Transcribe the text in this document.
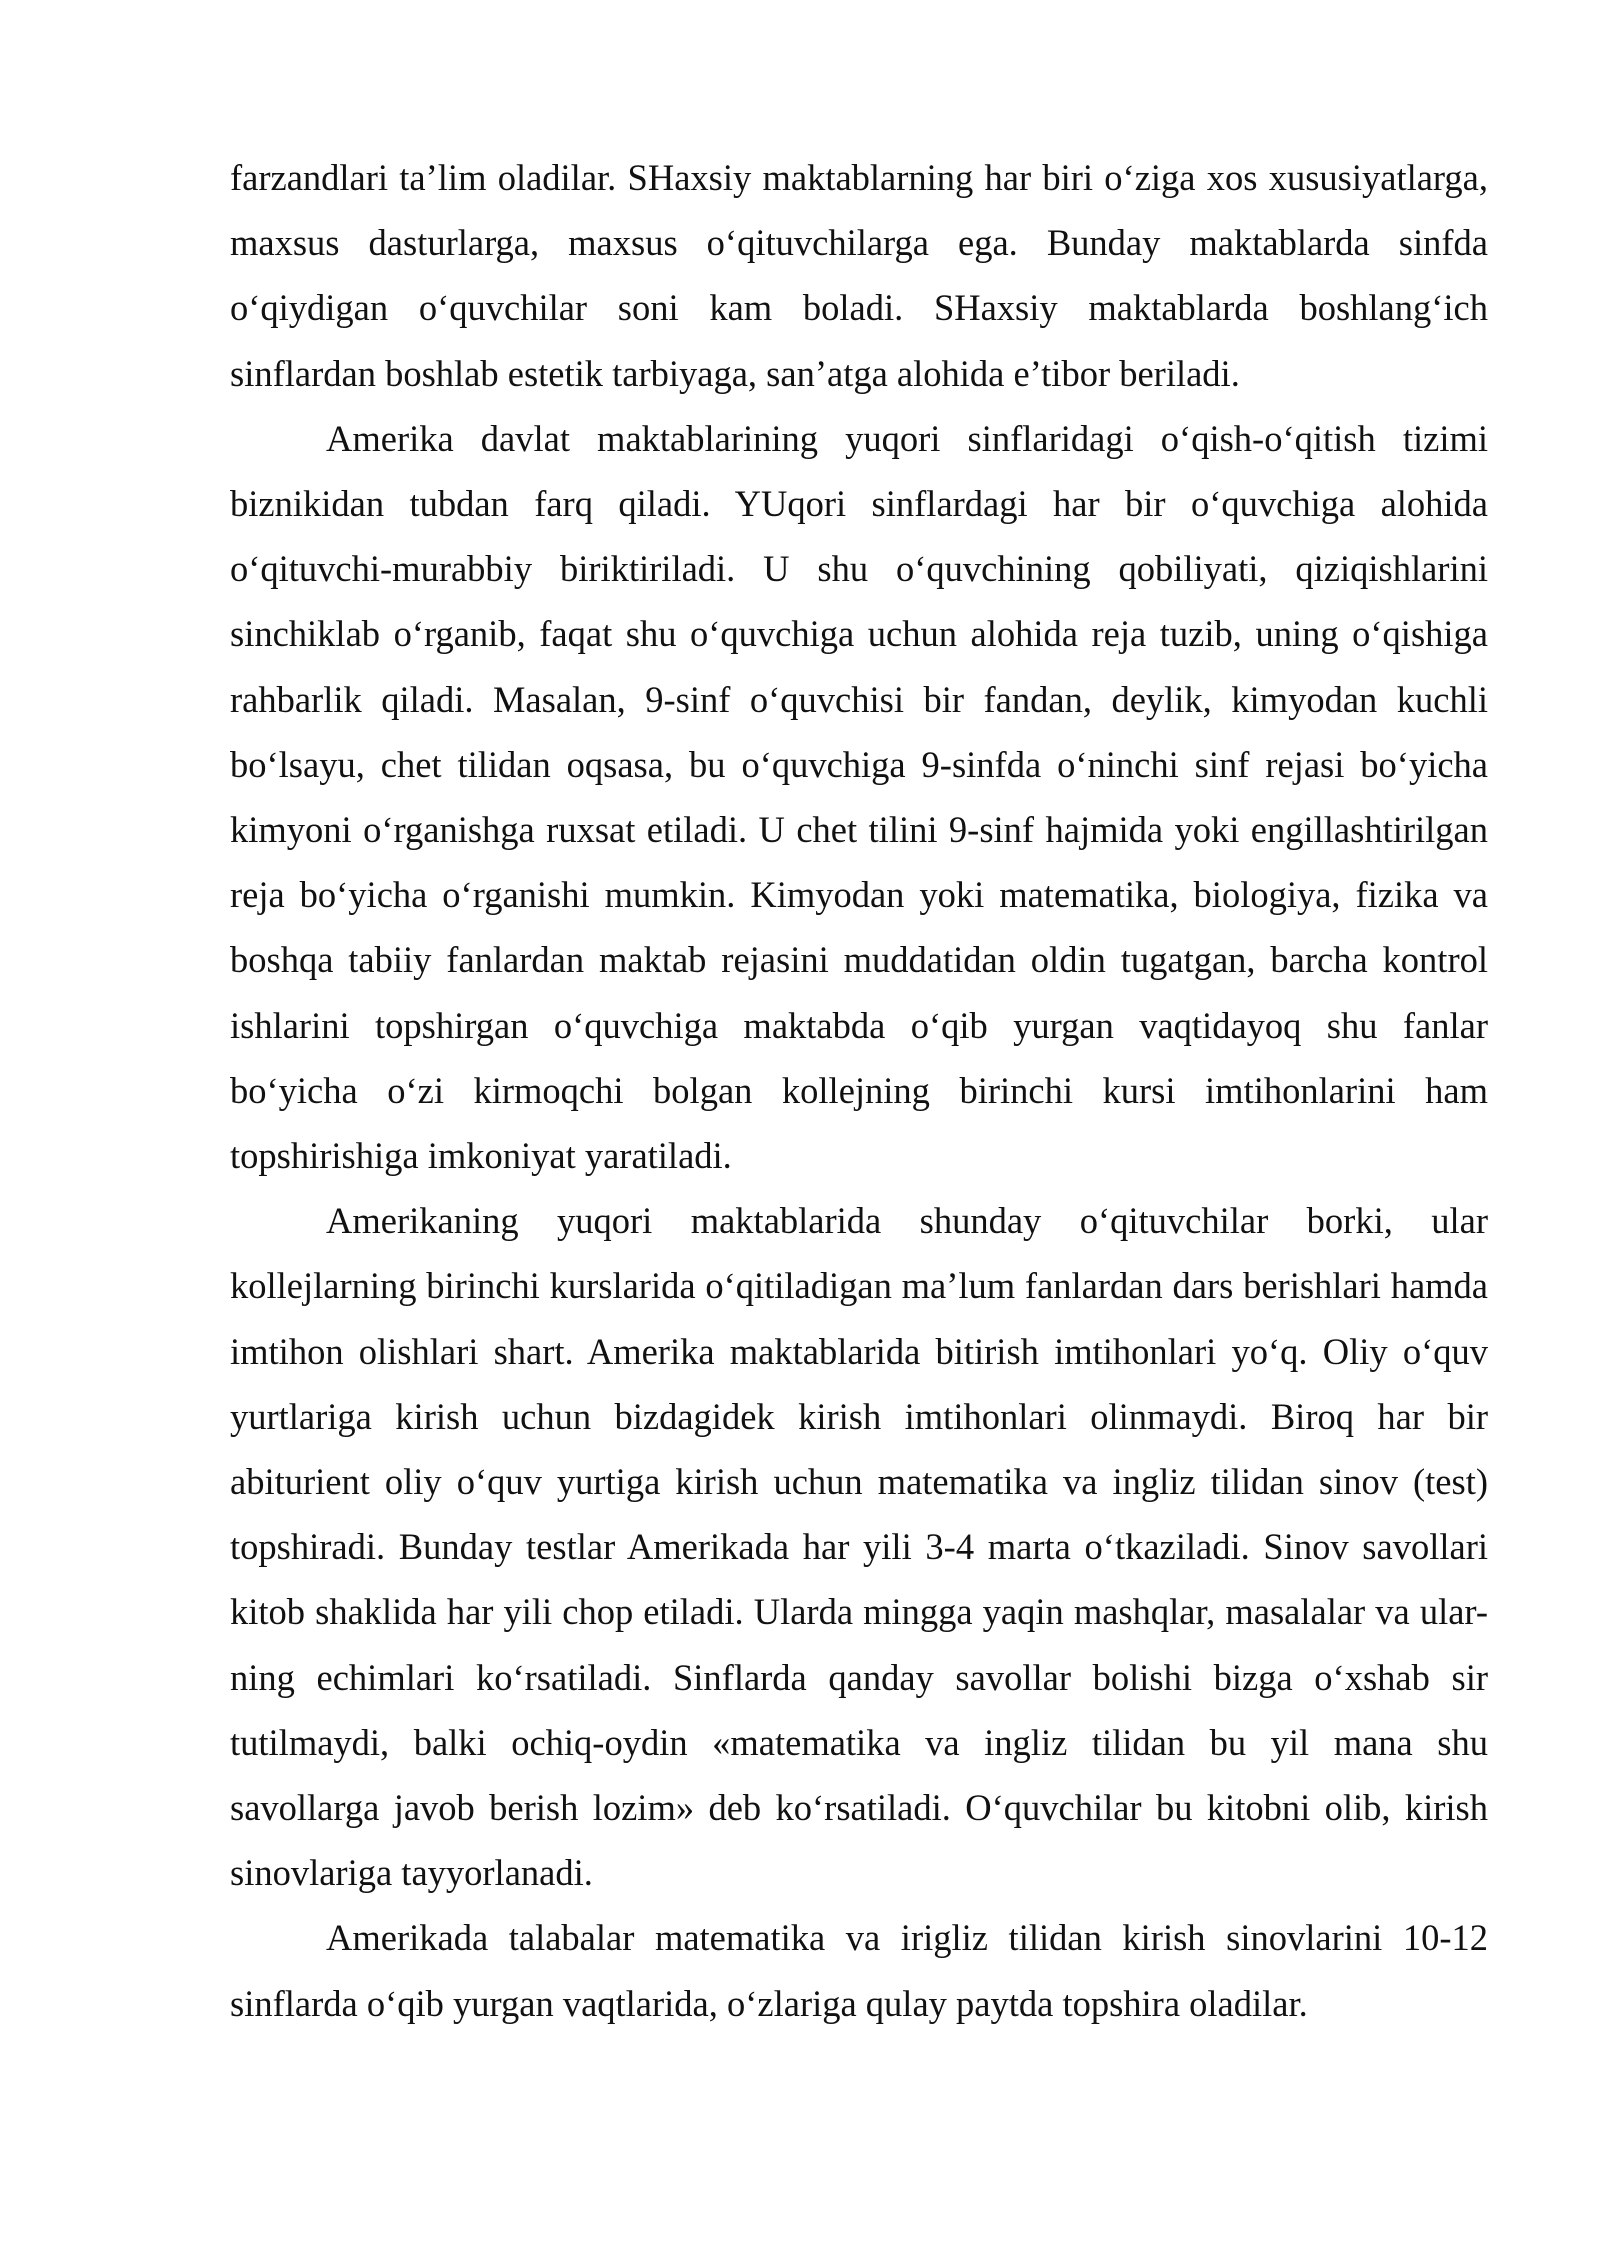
farzandlari ta’lim oladilar. SHaxsiy maktablarning har biri o‘ziga xos xususiyatlarga, maxsus dasturlarga, maxsus o‘qituvchilarga ega. Bunday maktablarda sinfda o‘qiydigan o‘quvchilar soni kam boladi. SHaxsiy maktablarda boshlang‘ich sinflardan boshlab estetik tarbiyaga, san’atga alohida e’tibor beriladi.

Amerika davlat maktablarining yuqori sinflaridagi o‘qish-o‘qitish tizimi biznikidan tubdan farq qiladi. YUqori sinflardagi har bir o‘quvchiga alohida o‘qituvchi-murabbiy biriktiriladi. U shu o‘quvchining qobiliyati, qiziqishlarini sinchiklab o‘rganib, faqat shu o‘quvchiga uchun alohida reja tuzib, uning o‘qishiga rahbarlik qiladi. Masalan, 9-sinf o‘quvchisi bir fandan, deylik, kimyodan kuchli bo‘lsayu, chet tilidan oqsasa, bu o‘quvchiga 9-sinfda o‘ninchi sinf rejasi bo‘yicha kimyoni o‘rganishga ruxsat etiladi. U chet tilini 9-sinf hajmida yoki engillashtirilgan reja bo‘yicha o‘rganishi mumkin. Kimyodan yoki matematika, biologiya, fizika va boshqa tabiiy fanlardan maktab rejasini muddatidan oldin tugatgan, barcha kontrol ishlarini topshirgan o‘quvchiga maktabda o‘qib yurgan vaqtidayoq shu fanlar bo‘yicha o‘zi kirmoqchi bolgan kollejning birinchi kursi imtihonlarini ham topshirishiga imkoniyat yaratiladi.

Amerikaning yuqori maktablarida shunday o‘qituvchilar borki, ular kollejlarning birinchi kurslarida o‘qitiladigan ma’lum fanlardan dars berishlari hamda imtihon olishlari shart. Amerika maktablarida bitirish imtihonlari yo‘q. Oliy o‘quv yurtlariga kirish uchun bizdagidek kirish imtihonlari olinmaydi. Biroq har bir abiturient oliy o‘quv yurtiga kirish uchun matematika va ingliz tilidan sinov (test) topshiradi. Bunday testlar Amerikada har yili 3-4 marta o‘tkaziladi. Sinov savollari kitob shaklida har yili chop etiladi. Ularda mingga yaqin mashqlar, masalalar va ular-ning echimlari ko‘rsatiladi. Sinflarda qanday savollar bolishi bizga o‘xshab sir tutilmaydi, balki ochiq-oydin «matematika va ingliz tilidan bu yil mana shu savollarga javob berish lozim» deb ko‘rsatiladi. O‘quvchilar bu kitobni olib, kirish sinovlariga tayyorlanadi.

Amerikada talabalar matematika va irigliz tilidan kirish sinovlarini 10-12 sinflarda o‘qib yurgan vaqtlarida, o‘zlariga qulay paytda topshira oladilar.
